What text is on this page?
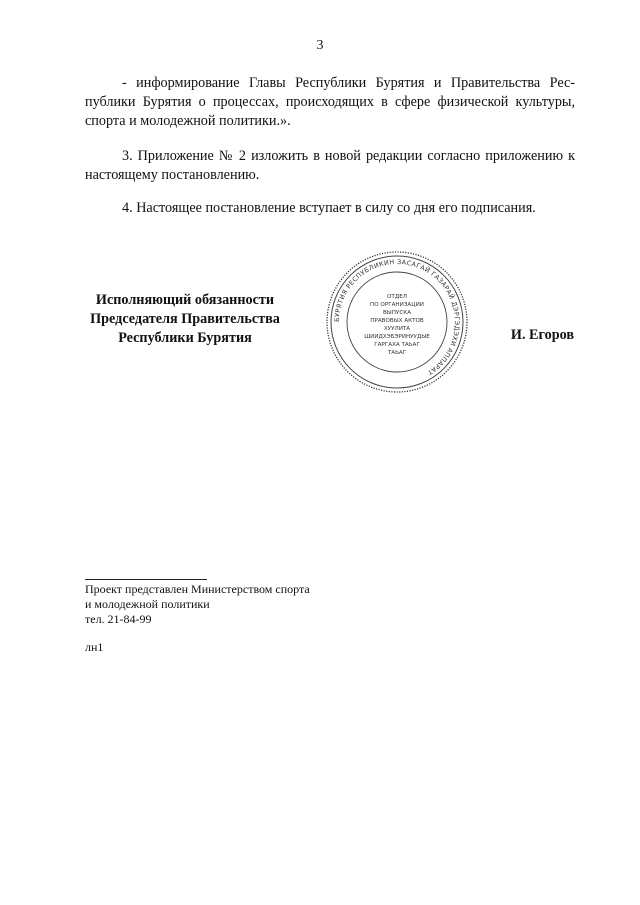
3

- информирование Главы Республики Бурятия и Правительства Республики Бурятия о процессах, происходящих в сфере физической культуры, спорта и молодежной политики.».

3. Приложение № 2 изложить в новой редакции согласно приложению к настоящему постановлению.

4. Настоящее постановление вступает в силу со дня его подписания.

Исполняющий обязанности
Председателя Правительства
Республики Бурятия
БУРЯТИЯ РЕСПУБЛИКИН ЗАСАГАЙ ГАЗАРАЙ ДЭРГЭДЭХИ АППАРАТ
ОТДЕЛ
ПО ОРГАНИЗАЦИИ
ВЫПУСКА
ПРАВОВЫХ АКТОВ
ХУУЛИТА
ШИИДХЭБЭРИНУУДЫЕ
ГАРГАХА ТАЬАГ
ТАЬАГ
И. Егоров
Проект представлен Министерством спорта
и молодежной политики
тел. 21-84-99
лн1
